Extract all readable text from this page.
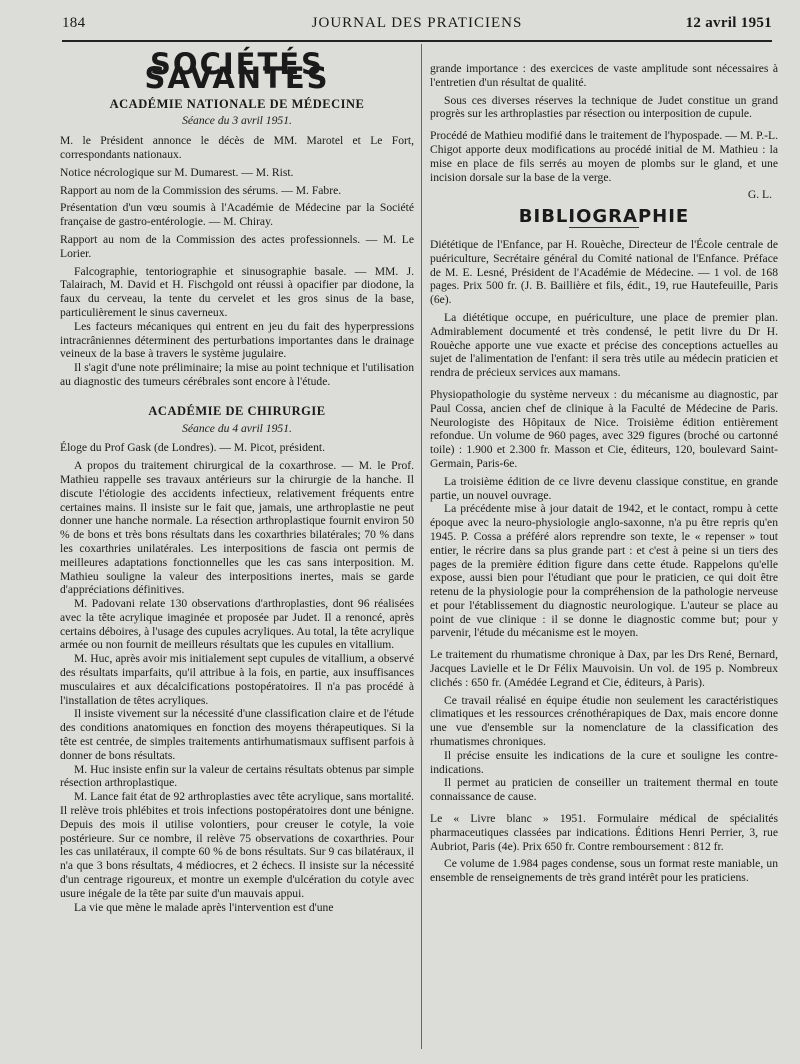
184	JOURNAL DES PRATICIENS	12 avril 1951
SOCIÉTÉS SAVANTES
ACADÉMIE NATIONALE DE MÉDECINE
Séance du 3 avril 1951.

M. le Président annonce le décès de MM. Marotel et Le Fort, correspondants nationaux.

Notice nécrologique sur M. Dumarest. — M. Rist.

Rapport au nom de la Commission des sérums. — M. Fabre.

Présentation d'un vœu soumis à l'Académie de Médecine par la Société française de gastro-entérologie. — M. Chiray.

Rapport au nom de la Commission des actes professionnels. — M. Le Lorier.

Falcographie, tentoriographie et sinusographie basale. — MM. J. Talairach, M. David et H. Fischgold ont réussi à opacifier par diodone, la faux du cerveau, la tente du cervelet et les gros sinus de la base, particulièrement le sinus caverneux.

Les facteurs mécaniques qui entrent en jeu du fait des hyperpressions intracrâniennes déterminent des perturbations importantes dans le drainage veineux de la base à travers le système jugulaire.

Il s'agit d'une note préliminaire; la mise au point technique et l'utilisation au diagnostic des tumeurs cérébrales sont encore à l'étude.

ACADÉMIE DE CHIRURGIE
Séance du 4 avril 1951.

Éloge du Prof Gask (de Londres). — M. Picot, président.

A propos du traitement chirurgical de la coxarthrose. — M. le Prof. Mathieu rappelle ses travaux antérieurs sur la chirurgie de la hanche. Il discute l'étiologie des accidents infectieux, relativement fréquents entre certaines mains. Il insiste sur le fait que, jamais, une arthroplastie ne peut donner une hanche normale. La résection arthroplastique fournit environ 50 % de bons et très bons résultats dans les coxarthries bilatérales; 70 % dans les coxarthries unilatérales. Les interpositions de fascia ont permis de meilleures adaptations fonctionnelles que les cas sans interposition. M. Mathieu souligne la valeur des interpositions inertes, mais se garde d'appréciations définitives.

M. Padovani relate 130 observations d'arthroplasties, dont 96 réalisées avec la tête acrylique imaginée et proposée par Judet. Il a renoncé, après certains déboires, à l'usage des cupules acryliques. Au total, la tête acrylique armée ou non fournit de meilleurs résultats que les cupules en vitallium.

M. Huc, après avoir mis initialement sept cupules de vitallium, a observé des résultats imparfaits, qu'il attribue à la fois, en partie, aux insuffisances musculaires et aux décalcifications postopératoires. Il n'a pas procédé à l'installation de têtes acryliques.

Il insiste vivement sur la nécessité d'une classification claire et de l'étude des conditions anatomiques en fonction des moyens thérapeutiques. Si la tête est centrée, de simples traitements antirhumatismaux suffisent parfois à donner de bons résultats.

M. Huc insiste enfin sur la valeur de certains résultats obtenus par simple résection arthroplastique.

M. Lance fait état de 92 arthroplasties avec tête acrylique, sans mortalité. Il relève trois phlébites et trois infections postopératoires dont une bénigne. Depuis des mois il utilise volontiers, pour creuser le cotyle, la voie postérieure. Sur ce nombre, il relève 75 observations de coxarthries. Pour les cas unilatéraux, il compte 60 % de bons résultats. Sur 9 cas bilatéraux, il n'a que 3 bons résultats, 4 médiocres, et 2 échecs. Il insiste sur la nécessité d'un centrage rigoureux, et montre un exemple d'ulcération du cotyle avec usure inégale de la tête par suite d'un mauvais appui.

La vie que mène le malade après l'intervention est d'une

grande importance : des exercices de vaste amplitude sont nécessaires à l'entretien d'un résultat de qualité.

Sous ces diverses réserves la technique de Judet constitue un grand progrès sur les arthroplasties par résection ou interposition de cupule.

Procédé de Mathieu modifié dans le traitement de l'hypospade. — M. P.-L. Chigot apporte deux modifications au procédé initial de M. Mathieu : la mise en place de fils serrés au moyen de plombs sur le gland, et une incision dorsale sur la base de la verge.

G. L.
BIBLIOGRAPHIE

Diététique de l'Enfance, par H. Rouèche, Directeur de l'École centrale de puériculture, Secrétaire général du Comité national de l'Enfance. Préface de M. E. Lesné, Président de l'Académie de Médecine. — 1 vol. de 168 pages. Prix 500 fr. (J. B. Baillière et fils, édit., 19, rue Hautefeuille, Paris (6e).

La diététique occupe, en puériculture, une place de premier plan. Admirablement documenté et très condensé, le petit livre du Dr H. Rouèche apporte une vue exacte et précise des conceptions actuelles au sujet de l'alimentation de l'enfant: il sera très utile au médecin praticien et rendra de précieux services aux mamans.

Physiopathologie du système nerveux : du mécanisme au diagnostic, par Paul Cossa, ancien chef de clinique à la Faculté de Médecine de Paris. Neurologiste des Hôpitaux de Nice. Troisième édition entièrement refondue. Un volume de 960 pages, avec 329 figures (broché ou cartonné toile) : 1.900 et 2.300 fr. Masson et Cie, éditeurs, 120, boulevard Saint-Germain, Paris-6e.

La troisième édition de ce livre devenu classique constitue, en grande partie, un nouvel ouvrage.

La précédente mise à jour datait de 1942, et le contact, rompu à cette époque avec la neuro-physiologie anglo-saxonne, n'a pu être repris qu'en 1945. P. Cossa a préféré alors reprendre son texte, le « repenser » tout entier, le récrire dans sa plus grande part : et c'est à peine si un tiers des pages de la première édition figure dans cette étude. Rappelons qu'elle expose, aussi bien pour l'étudiant que pour le praticien, ce qui doit être retenu de la physiologie pour la compréhension de la pathologie nerveuse et pour l'établissement du diagnostic neurologique. L'auteur se place au point de vue clinique : il se donne le diagnostic comme but; pour y parvenir, l'étude du mécanisme est le moyen.

Le traitement du rhumatisme chronique à Dax, par les Drs René, Bernard, Jacques Lavielle et le Dr Félix Mauvoisin. Un vol. de 195 p. Nombreux clichés : 650 fr. (Amédée Legrand et Cie, éditeurs, à Paris).

Ce travail réalisé en équipe étudie non seulement les caractéristiques climatiques et les ressources crénothérapiques de Dax, mais encore donne une vue d'ensemble sur la nomenclature de la classification des rhumatismes chroniques.

Il précise ensuite les indications de la cure et souligne les contre-indications.

Il permet au praticien de conseiller un traitement thermal en toute connaissance de cause.

Le « Livre blanc » 1951. Formulaire médical de spécialités pharmaceutiques classées par indications. Éditions Henri Perrier, 3, rue Aubriot, Paris (4e). Prix 650 fr. Contre remboursement : 812 fr.

Ce volume de 1.984 pages condense, sous un format reste maniable, un ensemble de renseignements de très grand intérêt pour les praticiens.
